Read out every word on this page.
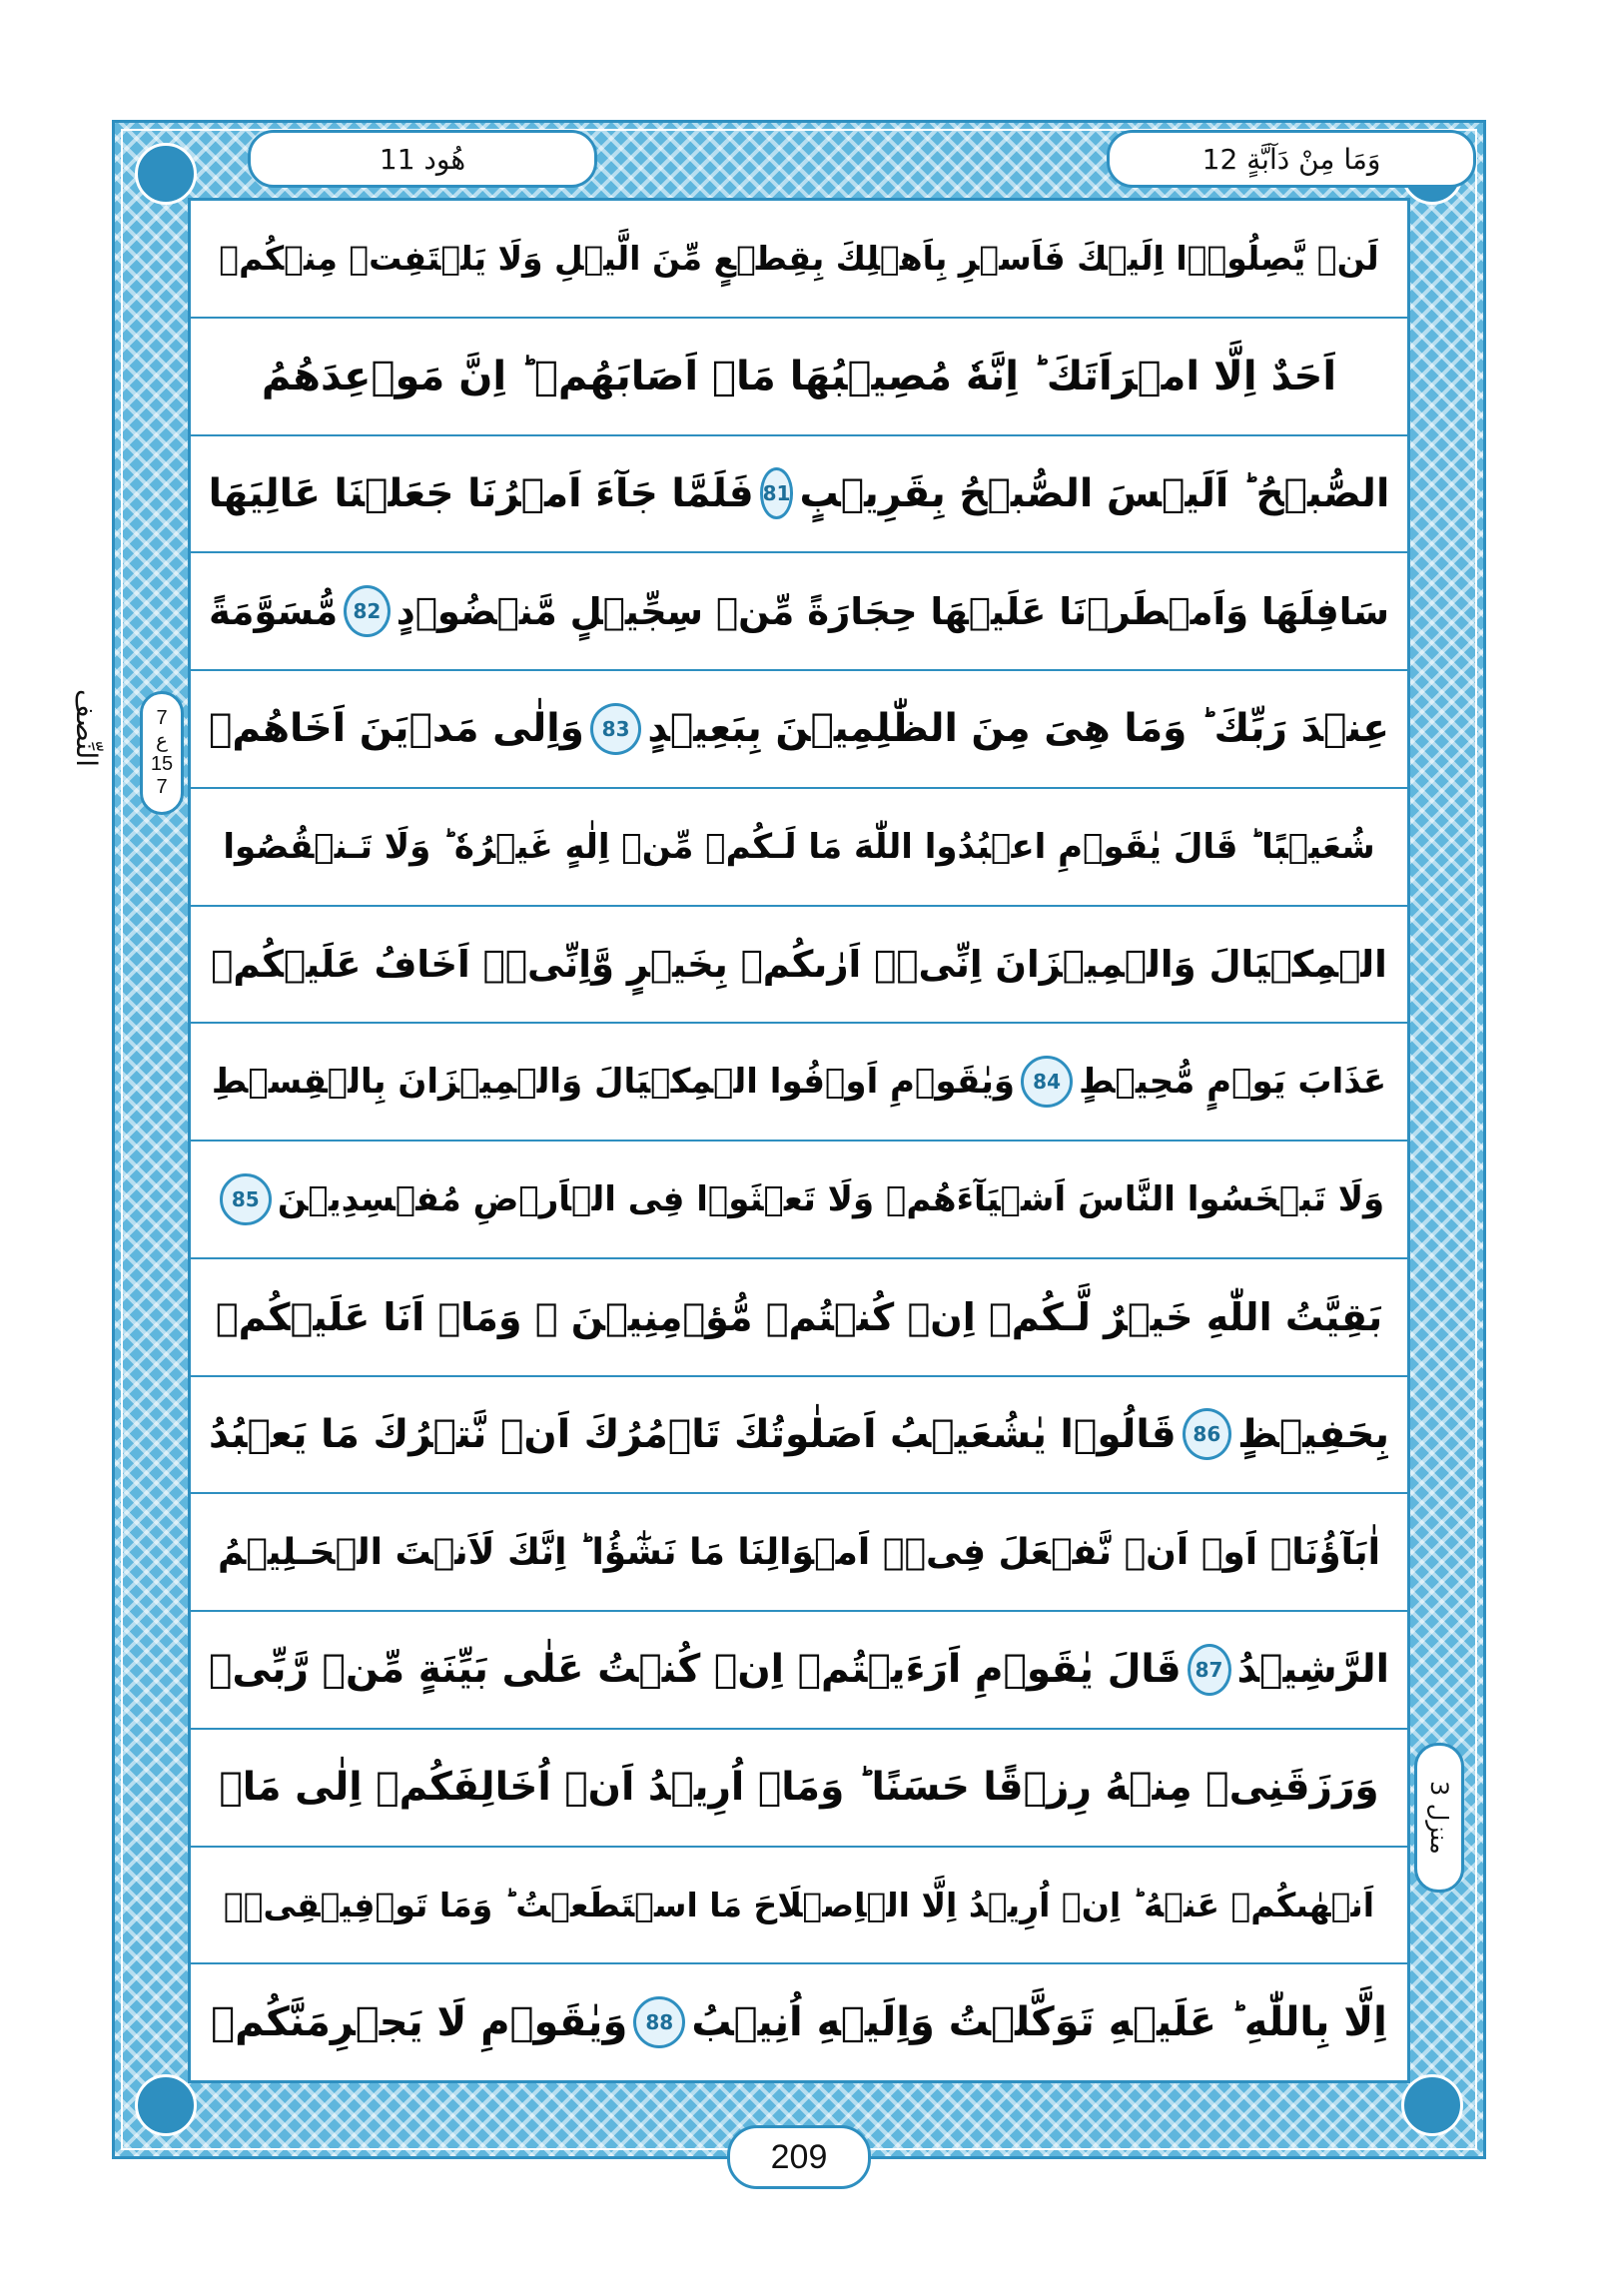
هُود 11	وَمَا مِنْ دَآبَّةٍ 12
النِّصف	7
ع
15
7
منزل 3
لَنۡ يَّصِلُوۡۤا اِلَيۡكَ فَاَسۡرِ بِاَهۡلِكَ بِقِطۡعٍ مِّنَ الَّيۡلِ وَلَا يَلۡتَفِتۡ مِنۡكُمۡ
اَحَدٌ اِلَّا امۡرَاَتَكَ ؕ اِنَّهٗ مُصِيۡبُهَا مَاۤ اَصَابَهُمۡ ؕ اِنَّ مَوۡعِدَهُمُ
الصُّبۡحُ ؕ اَلَيۡسَ الصُّبۡحُ بِقَرِيۡبٍ
81
فَلَمَّا جَآءَ اَمۡرُنَا جَعَلۡنَا عَالِيَهَا
سَافِلَهَا وَاَمۡطَرۡنَا عَلَيۡهَا حِجَارَةً مِّنۡ سِجِّيۡلٍ مَّنۡضُوۡدٍ
82
مُّسَوَّمَةً
عِنۡدَ رَبِّكَ ؕ وَمَا هِىَ مِنَ الظّٰلِمِيۡنَ بِبَعِيۡدٍ
83
وَاِلٰى مَدۡيَنَ اَخَاهُمۡ
شُعَيۡبًا ؕ قَالَ يٰقَوۡمِ اعۡبُدُوا اللّٰهَ مَا لَـكُمۡ مِّنۡ اِلٰهٍ غَيۡرُهٗ ؕ وَلَا تَـنۡقُصُوا
الۡمِكۡيَالَ وَالۡمِيۡزَانَ اِنِّىۡۤ اَرٰٮكُمۡ بِخَيۡرٍ وَّاِنِّىۡۤ اَخَافُ عَلَيۡكُمۡ
عَذَابَ يَوۡمٍ مُّحِيۡطٍ
84
وَيٰقَوۡمِ اَوۡفُوا الۡمِكۡيَالَ وَالۡمِيۡزَانَ بِالۡقِسۡطِ
وَلَا تَبۡخَسُوا النَّاسَ اَشۡيَآءَهُمۡ وَلَا تَعۡثَوۡا فِى الۡاَرۡضِ مُفۡسِدِيۡنَ
85
بَقِيَّتُ اللّٰهِ خَيۡرٌ لَّـكُمۡ اِنۡ كُنۡتُمۡ مُّؤۡمِنِيۡنَ ۚ وَمَاۤ اَنَا عَلَيۡكُمۡ
بِحَفِيۡظٍ
86
قَالُوۡا يٰشُعَيۡبُ اَصَلٰوتُكَ تَاۡمُرُكَ اَنۡ نَّتۡرُكَ مَا يَعۡبُدُ
اٰبَآؤُنَاۤ اَوۡ اَنۡ نَّفۡعَلَ فِىۡۤ اَمۡوَالِنَا مَا نَشٰٓؤُا ؕ اِنَّكَ لَاَنۡتَ الۡحَـلِيۡمُ
الرَّشِيۡدُ
87
قَالَ يٰقَوۡمِ اَرَءَيۡتُمۡ اِنۡ كُنۡتُ عَلٰى بَيِّنَةٍ مِّنۡ رَّبِّىۡ
وَرَزَقَنِىۡ مِنۡهُ رِزۡقًا حَسَنًا ؕ وَمَاۤ اُرِيۡدُ اَنۡ اُخَالِفَكُمۡ اِلٰى مَاۤ
اَنۡهٰٮكُمۡ عَنۡهُ ؕ اِنۡ اُرِيۡدُ اِلَّا الۡاِصۡلَاحَ مَا اسۡتَطَعۡتُ ؕ وَمَا تَوۡفِيۡقِىۡۤ
اِلَّا بِاللّٰهِ ؕ عَلَيۡهِ تَوَكَّلۡتُ وَاِلَيۡهِ اُنِيۡبُ
88
وَيٰقَوۡمِ لَا يَجۡرِمَنَّكُمۡ
209
